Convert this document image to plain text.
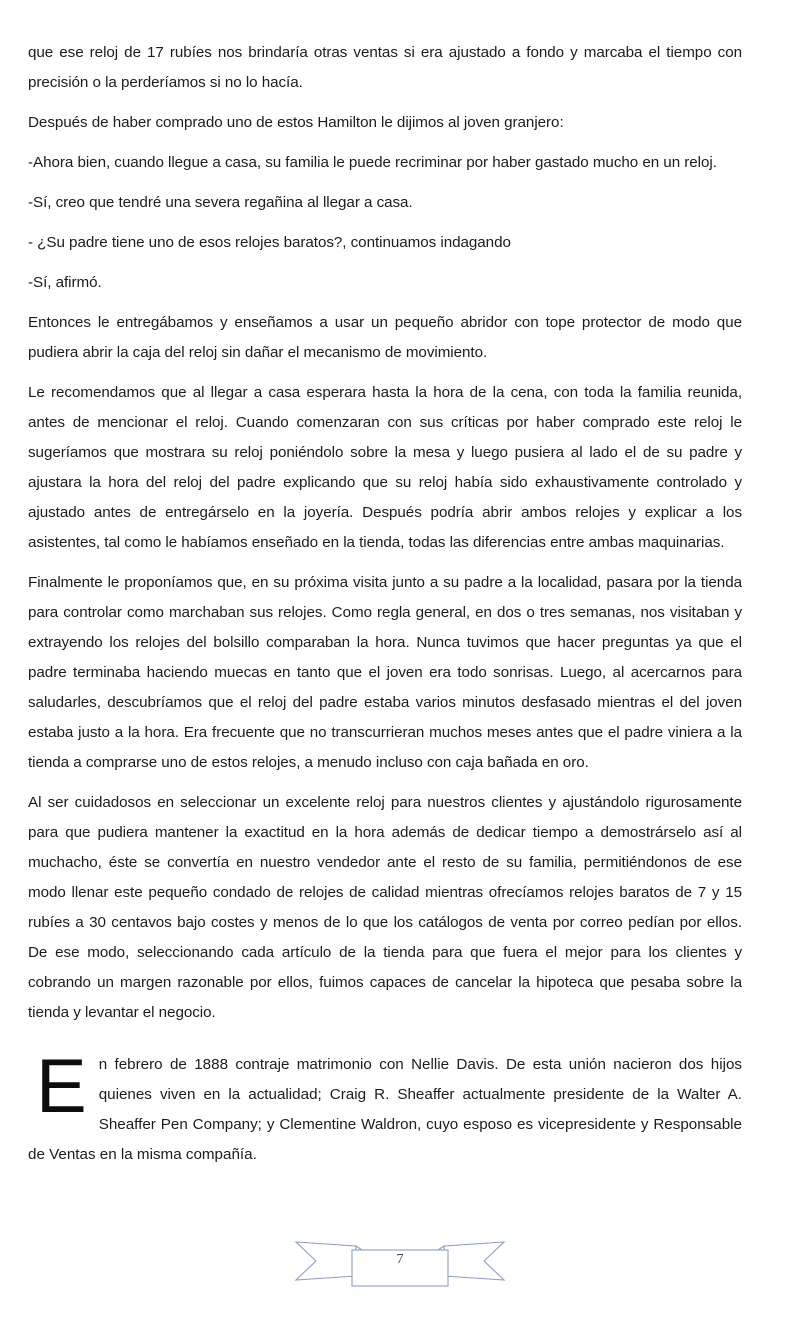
que ese reloj de 17 rubíes nos brindaría otras ventas si era ajustado a fondo y marcaba el tiempo con precisión o la perderíamos si no lo hacía.

Después de haber comprado uno de estos Hamilton le dijimos al joven granjero:

-Ahora bien, cuando llegue a casa, su familia le puede recriminar por haber gastado mucho en un reloj.

-Sí, creo que tendré una severa regañina al llegar a casa.

- ¿Su padre tiene uno de esos relojes baratos?, continuamos indagando

-Sí, afirmó.

Entonces le entregábamos y enseñamos a usar un pequeño abridor con tope protector de modo que pudiera abrir la caja del reloj sin dañar el mecanismo de movimiento.

Le recomendamos que al llegar a casa esperara hasta la hora de la cena, con toda la familia reunida, antes de mencionar el reloj. Cuando comenzaran con sus críticas por haber comprado este reloj le sugeríamos que mostrara su reloj poniéndolo sobre la mesa y luego pusiera al lado el de su padre y ajustara la hora del reloj del padre explicando que su reloj había sido exhaustivamente controlado y ajustado antes de entregárselo en la joyería. Después podría abrir ambos relojes y explicar a los asistentes, tal como le habíamos enseñado en la tienda, todas las diferencias entre ambas maquinarias.

Finalmente le proponíamos que, en su próxima visita junto a su padre a la localidad, pasara por la tienda para controlar como marchaban sus relojes. Como regla general, en dos o tres semanas, nos visitaban y extrayendo los relojes del bolsillo comparaban la hora. Nunca tuvimos que hacer preguntas ya que el padre terminaba haciendo muecas en tanto que el joven era todo sonrisas. Luego, al acercarnos para saludarles, descubríamos que el reloj del padre estaba varios minutos desfasado mientras el del joven estaba justo a la hora. Era frecuente que no transcurrieran muchos meses antes que el padre viniera a la tienda a comprarse uno de estos relojes, a menudo incluso con caja bañada en oro.

Al ser cuidadosos en seleccionar un excelente reloj para nuestros clientes y ajustándolo rigurosamente para que pudiera mantener la exactitud en la hora además de dedicar tiempo a demostrárselo así al muchacho, éste se convertía en nuestro vendedor ante el resto de su familia, permitiéndonos de ese modo llenar este pequeño condado de relojes de calidad mientras ofrecíamos relojes baratos de 7 y 15 rubíes a 30 centavos bajo costes y menos de lo que los catálogos de venta por correo pedían por ellos. De ese modo, seleccionando cada artículo de la tienda para que fuera el mejor para los clientes y cobrando un margen razonable por ellos, fuimos capaces de cancelar la hipoteca que pesaba sobre la tienda y levantar el negocio.

En febrero de 1888 contraje matrimonio con Nellie Davis. De esta unión nacieron dos hijos quienes viven en la actualidad; Craig R. Sheaffer actualmente presidente de la Walter A. Sheaffer Pen Company; y Clementine Waldron, cuyo esposo es vicepresidente y Responsable de Ventas en la misma compañía.

7
